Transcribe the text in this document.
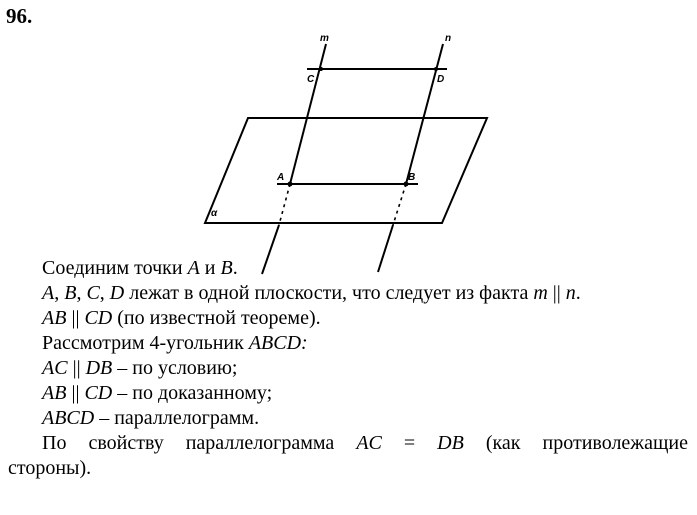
96.
m	n
C	D
A	B
α
Соединим точки A и B.
A, B, C, D лежат в одной плоскости, что следует из факта m || n.
AB || CD (по известной теореме).
Рассмотрим 4-угольник ABCD:
AC || DB – по условию;
AB || CD – по доказанному;
ABCD – параллелограмм.
По свойству параллелограмма AC = DB (как противолежащие
стороны).
